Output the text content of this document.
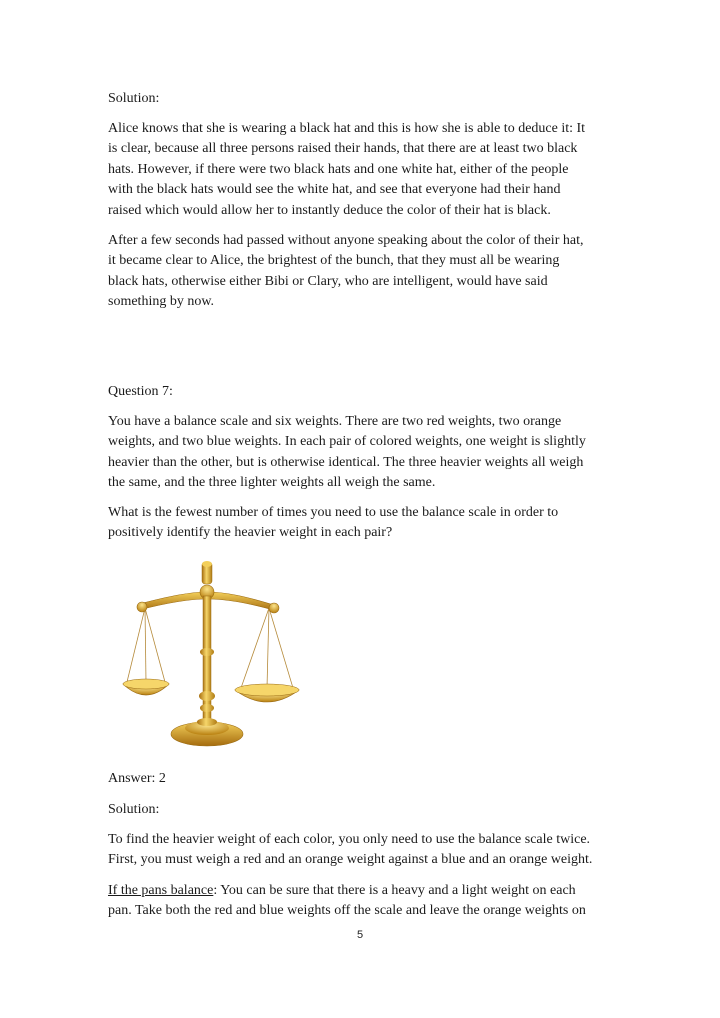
Solution:

Alice knows that she is wearing a black hat and this is how she is able to deduce it: It
is clear, because all three persons raised their hands, that there are at least two black
hats. However, if there were two black hats and one white hat, either of the people
with the black hats would see the white hat, and see that everyone had their hand
raised which would allow her to instantly deduce the color of their hat is black.

After a few seconds had passed without anyone speaking about the color of their hat,
it became clear to Alice, the brightest of the bunch, that they must all be wearing
black hats, otherwise either Bibi or Clary, who are intelligent, would have said
something by now.

Question 7:

You have a balance scale and six weights. There are two red weights, two orange
weights, and two blue weights. In each pair of colored weights, one weight is slightly
heavier than the other, but is otherwise identical. The three heavier weights all weigh
the same, and the three lighter weights all weigh the same.

What is the fewest number of times you need to use the balance scale in order to
positively identify the heavier weight in each pair?

Answer: 2

Solution:

To find the heavier weight of each color, you only need to use the balance scale twice.
First, you must weigh a red and an orange weight against a blue and an orange weight.

If the pans balance: You can be sure that there is a heavy and a light weight on each
pan. Take both the red and blue weights off the scale and leave the orange weights on

5
